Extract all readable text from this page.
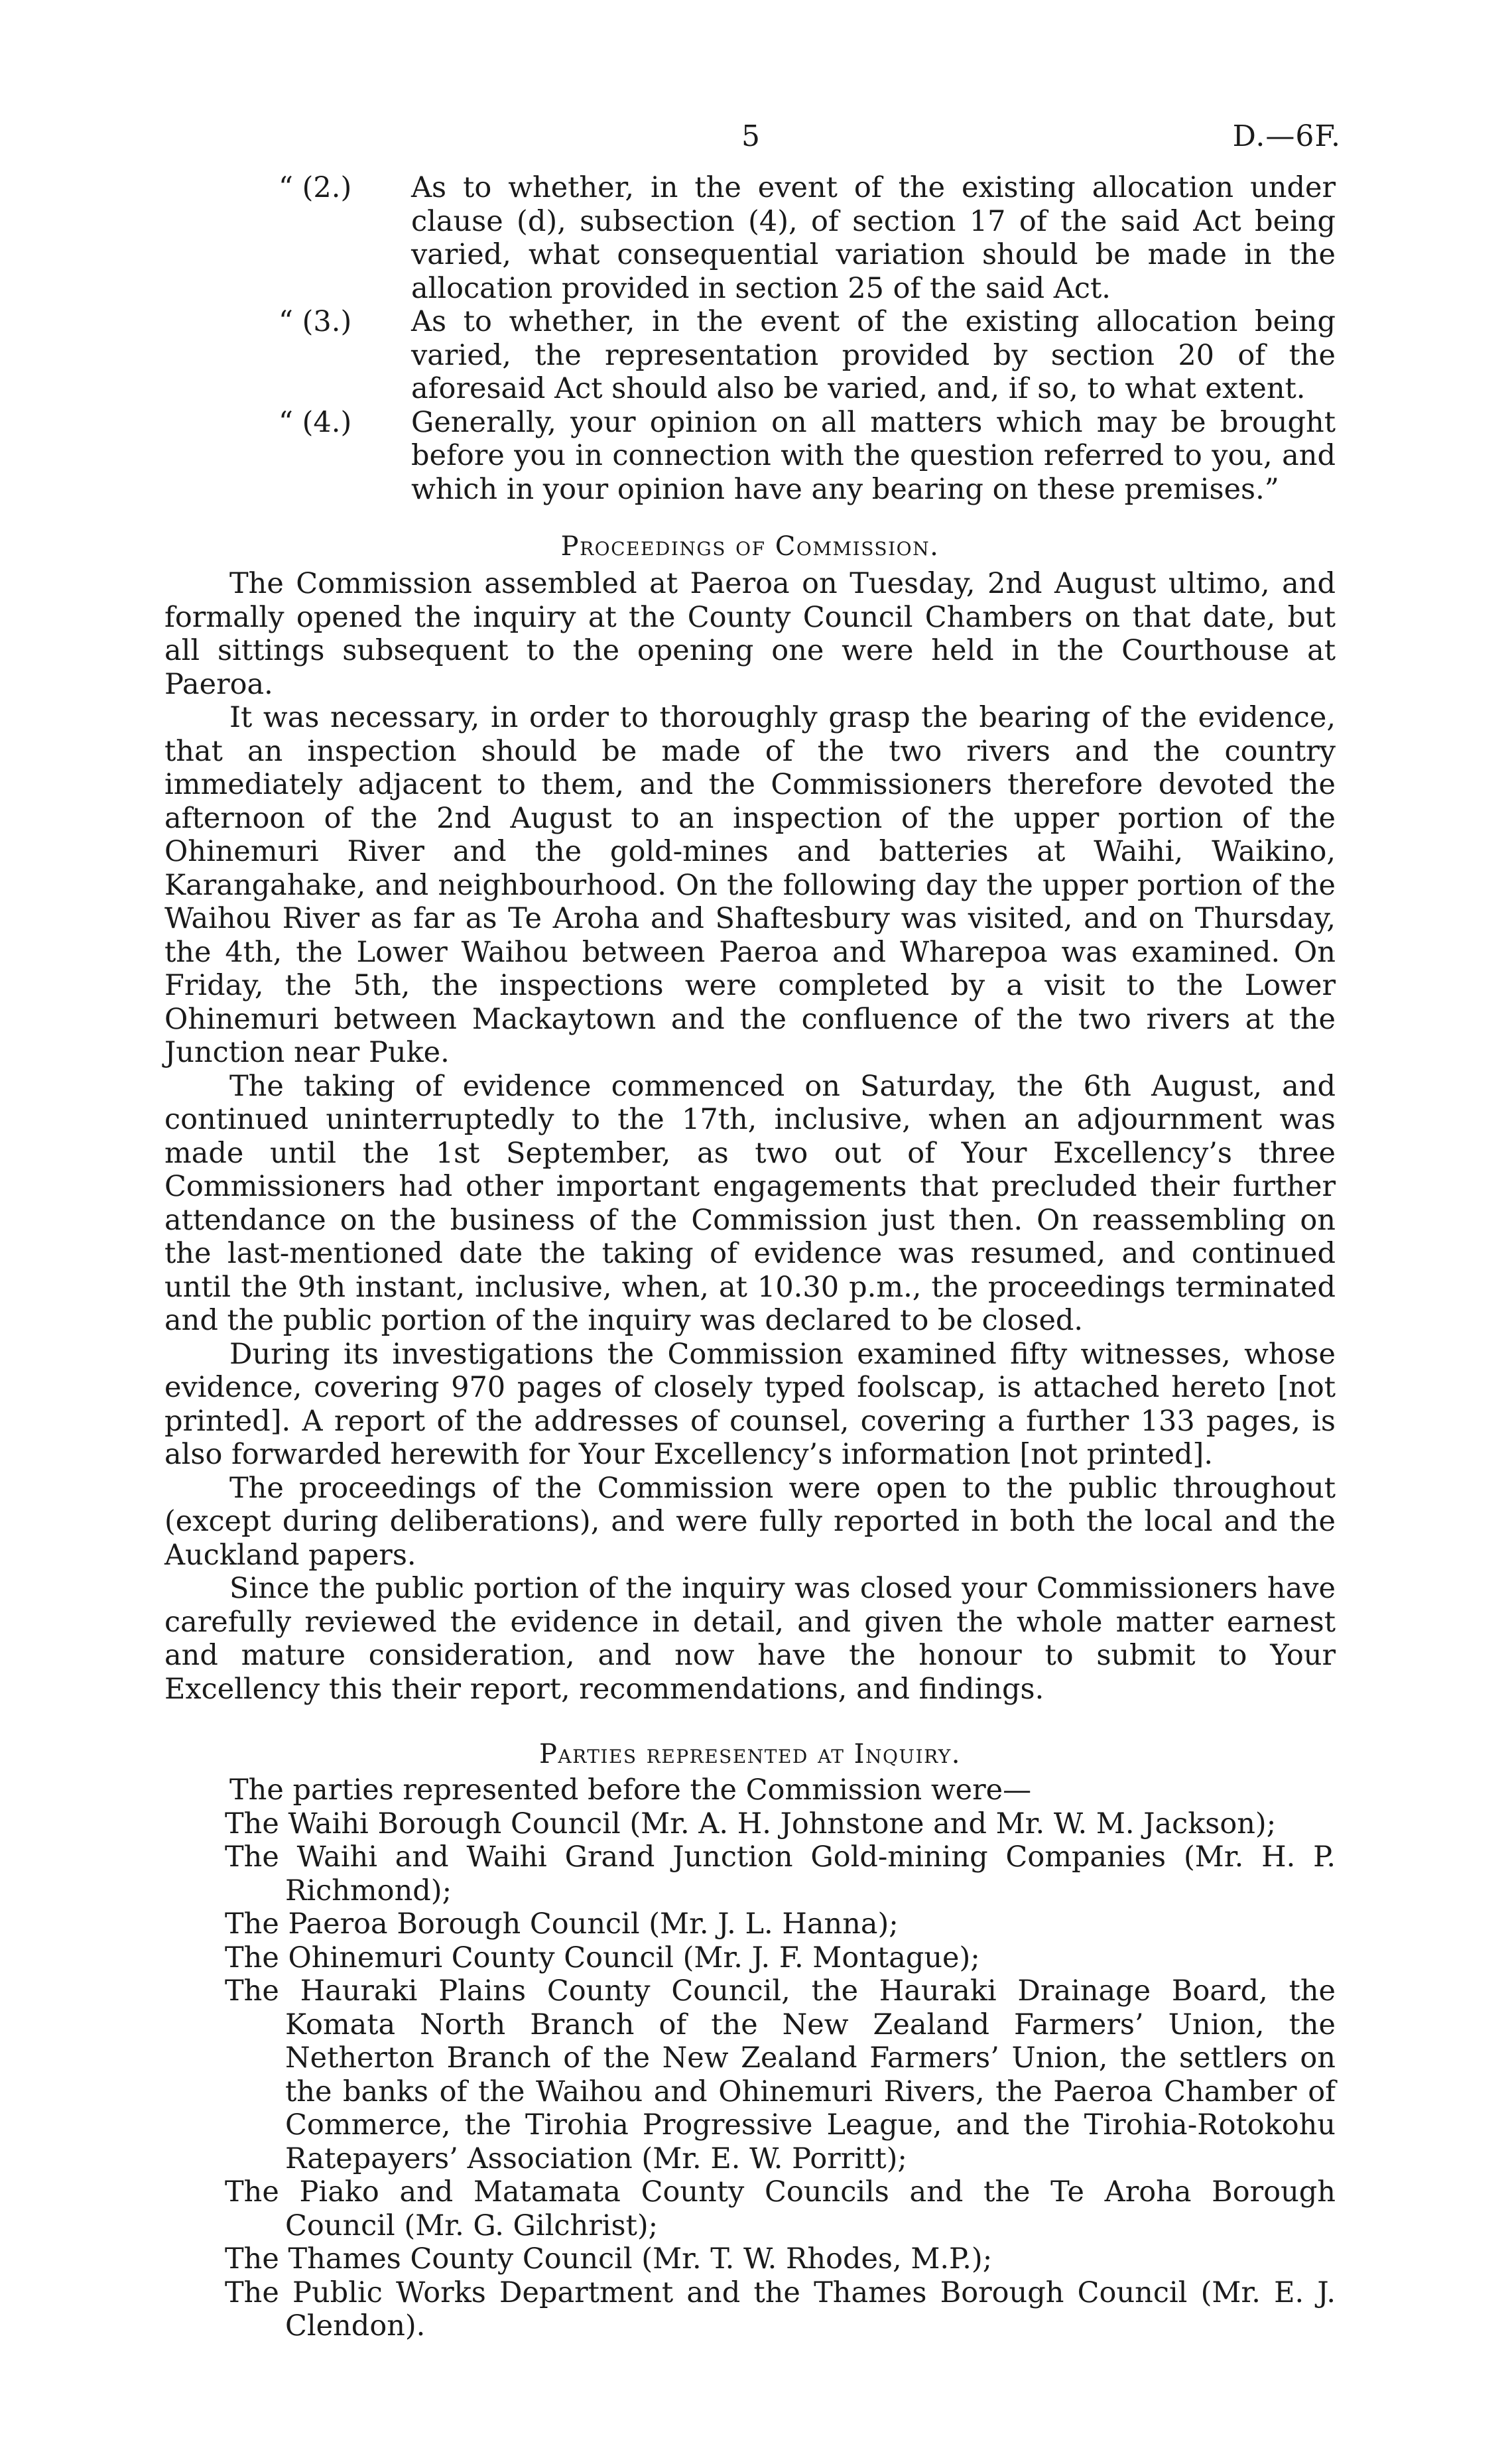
5	D.—6F.

“ (2.)	As to whether, in the event of the existing allocation under clause (d), subsection (4), of section 17 of the said Act being varied, what consequential variation should be made in the allocation provided in section 25 of the said Act.

“ (3.)	As to whether, in the event of the existing allocation being varied, the representation provided by section 20 of the aforesaid Act should also be varied, and, if so, to what extent.

“ (4.)	Generally, your opinion on all matters which may be brought before you in connection with the question referred to you, and which in your opinion have any bearing on these premises.”

Proceedings of Commission.

The Commission assembled at Paeroa on Tuesday, 2nd August ultimo, and formally opened the inquiry at the County Council Chambers on that date, but all sittings subsequent to the opening one were held in the Courthouse at Paeroa.

It was necessary, in order to thoroughly grasp the bearing of the evidence, that an inspection should be made of the two rivers and the country immediately adjacent to them, and the Commissioners therefore devoted the afternoon of the 2nd August to an inspection of the upper portion of the Ohinemuri River and the gold-mines and batteries at Waihi, Waikino, Karangahake, and neighbourhood. On the following day the upper portion of the Waihou River as far as Te Aroha and Shaftesbury was visited, and on Thursday, the 4th, the Lower Waihou between Paeroa and Wharepoa was examined. On Friday, the 5th, the inspections were completed by a visit to the Lower Ohinemuri between Mackaytown and the confluence of the two rivers at the Junction near Puke.

The taking of evidence commenced on Saturday, the 6th August, and continued uninterruptedly to the 17th, inclusive, when an adjournment was made until the 1st September, as two out of Your Excellency’s three Commissioners had other important engagements that precluded their further attendance on the business of the Commission just then. On reassembling on the last-mentioned date the taking of evidence was resumed, and continued until the 9th instant, inclusive, when, at 10.30 p.m., the proceedings terminated and the public portion of the inquiry was declared to be closed.

During its investigations the Commission examined fifty witnesses, whose evidence, covering 970 pages of closely typed foolscap, is attached hereto [not printed]. A report of the addresses of counsel, covering a further 133 pages, is also forwarded herewith for Your Excellency’s information [not printed].

The proceedings of the Commission were open to the public throughout (except during deliberations), and were fully reported in both the local and the Auckland papers.

Since the public portion of the inquiry was closed your Commissioners have carefully reviewed the evidence in detail, and given the whole matter earnest and mature consideration, and now have the honour to submit to Your Excellency this their report, recommendations, and findings.

Parties represented at Inquiry.

The parties represented before the Commission were—

The Waihi Borough Council (Mr. A. H. Johnstone and Mr. W. M. Jackson);

The Waihi and Waihi Grand Junction Gold-mining Companies (Mr. H. P. Richmond);

The Paeroa Borough Council (Mr. J. L. Hanna);

The Ohinemuri County Council (Mr. J. F. Montague);

The Hauraki Plains County Council, the Hauraki Drainage Board, the Komata North Branch of the New Zealand Farmers’ Union, the Netherton Branch of the New Zealand Farmers’ Union, the settlers on the banks of the Waihou and Ohinemuri Rivers, the Paeroa Chamber of Commerce, the Tirohia Progressive League, and the Tirohia-Rotokohu Ratepayers’ Association (Mr. E. W. Porritt);

The Piako and Matamata County Councils and the Te Aroha Borough Council (Mr. G. Gilchrist);

The Thames County Council (Mr. T. W. Rhodes, M.P.);

The Public Works Department and the Thames Borough Council (Mr. E. J. Clendon).
